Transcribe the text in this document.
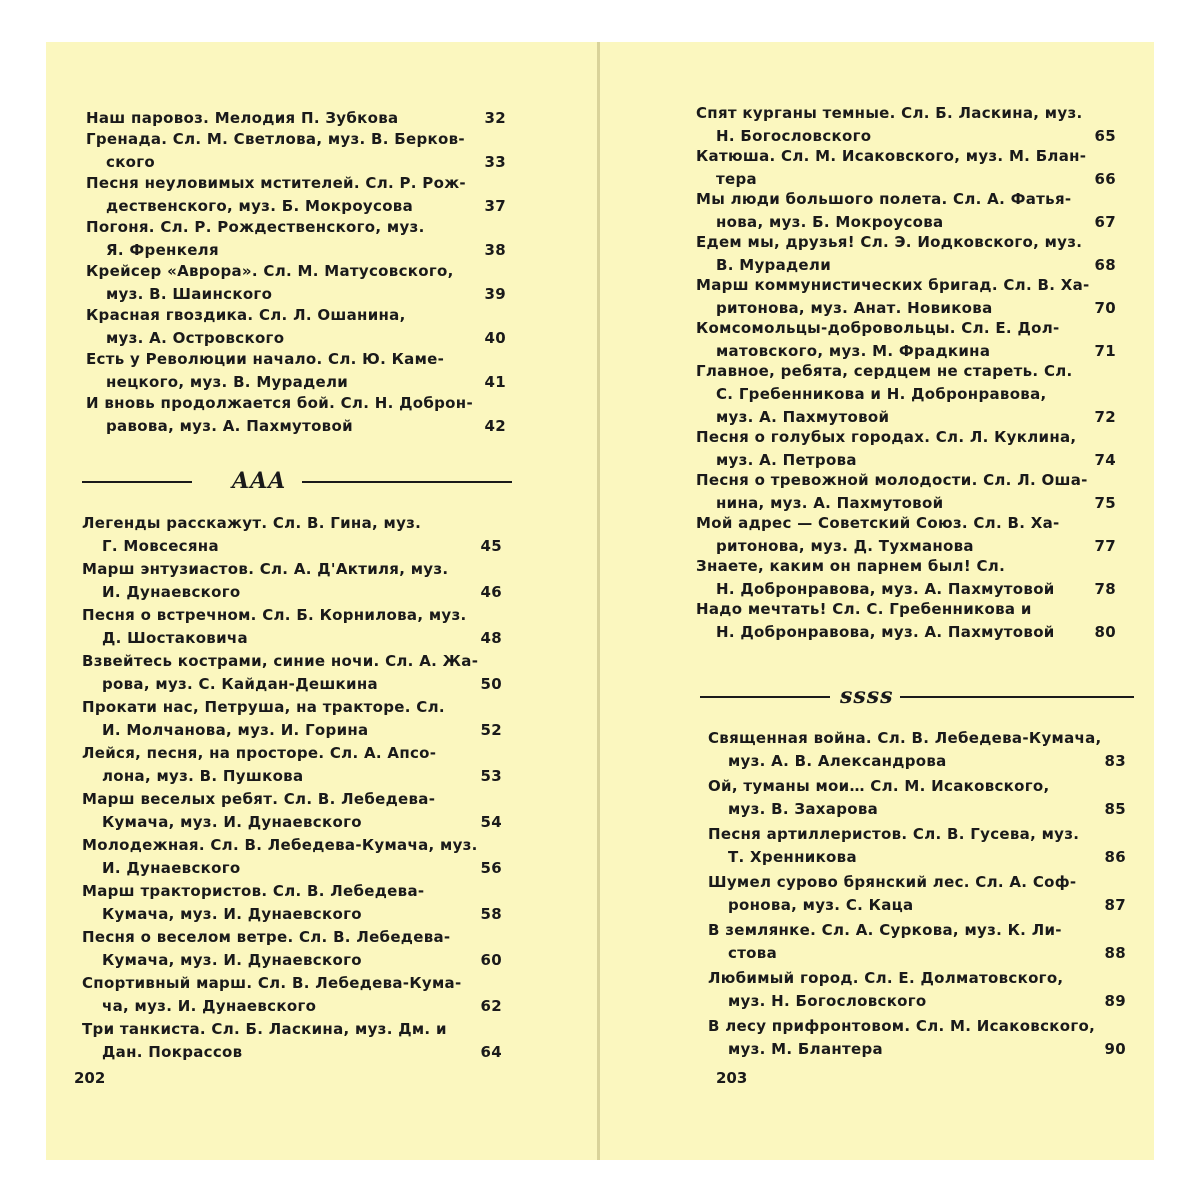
Наш паровоз. Мелодия П. Зубкова	32
Гренада. Сл. М. Светлова, муз. В. Берков-

ского	33
Песня неуловимых мстителей. Сл. Р. Рож-

дественского, муз. Б. Мокроусова	37
Погоня. Сл. Р. Рождественского, муз.

Я. Френкеля	38
Крейсер «Аврора». Сл. М. Матусовского,

муз. В. Шаинского	39
Красная гвоздика. Сл. Л. Ошанина,

муз. А. Островского	40
Есть у Революции начало. Сл. Ю. Каме-

нецкого, муз. В. Мурадели	41
И вновь продолжается бой. Сл. Н. Доброн-

равова, муз. А. Пахмутовой	42
AAA
Легенды расскажут. Сл. В. Гина, муз.

Г. Мовсесяна	45
Марш энтузиастов. Сл. А. Д'Актиля, муз.

И. Дунаевского	46
Песня о встречном. Сл. Б. Корнилова, муз.

Д. Шостаковича	48
Взвейтесь кострами, синие ночи. Сл. А. Жа-

рова, муз. С. Кайдан-Дешкина	50
Прокати нас, Петруша, на тракторе. Сл.

И. Молчанова, муз. И. Горина	52
Лейся, песня, на просторе. Сл. А. Апсо-

лона, муз. В. Пушкова	53
Марш веселых ребят. Сл. В. Лебедева-

Кумача, муз. И. Дунаевского	54
Молодежная. Сл. В. Лебедева-Кумача, муз.

И. Дунаевского	56
Марш трактористов. Сл. В. Лебедева-

Кумача, муз. И. Дунаевского	58
Песня о веселом ветре. Сл. В. Лебедева-

Кумача, муз. И. Дунаевского	60
Спортивный марш. Сл. В. Лебедева-Кума-

ча, муз. И. Дунаевского	62
Три танкиста. Сл. Б. Ласкина, муз. Дм. и

Дан. Покрассов	64
202
Спят курганы темные. Сл. Б. Ласкина, муз.

Н. Богословского	65
Катюша. Сл. М. Исаковского, муз. М. Блан-

тера	66
Мы люди большого полета. Сл. А. Фатья-

нова, муз. Б. Мокроусова	67
Едем мы, друзья! Сл. Э. Иодковского, муз.

В. Мурадели	68
Марш коммунистических бригад. Сл. В. Ха-

ритонова, муз. Анат. Новикова	70
Комсомольцы-добровольцы. Сл. Е. Дол-

матовского, муз. М. Фрадкина	71
Главное, ребята, сердцем не стареть. Сл.

С. Гребенникова и Н. Добронравова,
муз. А. Пахмутовой	72
Песня о голубых городах. Сл. Л. Куклина,

муз. А. Петрова	74
Песня о тревожной молодости. Сл. Л. Оша-

нина, муз. А. Пахмутовой	75
Мой адрес — Советский Союз. Сл. В. Ха-

ритонова, муз. Д. Тухманова	77
Знаете, каким он парнем был! Сл.

Н. Добронравова, муз. А. Пахмутовой	78
Надо мечтать! Сл. С. Гребенникова и

Н. Добронравова, муз. А. Пахмутовой	80
ssss
Священная война. Сл. В. Лебедева-Кумача,

муз. А. В. Александрова	83
Ой, туманы мои… Сл. М. Исаковского,

муз. В. Захарова	85
Песня артиллеристов. Сл. В. Гусева, муз.

Т. Хренникова	86
Шумел сурово брянский лес. Сл. А. Соф-

ронова, муз. С. Каца	87
В землянке. Сл. А. Суркова, муз. К. Ли-

стова	88
Любимый город. Сл. Е. Долматовского,

муз. Н. Богословского	89
В лесу прифронтовом. Сл. М. Исаковского,

муз. М. Блантера	90
203
